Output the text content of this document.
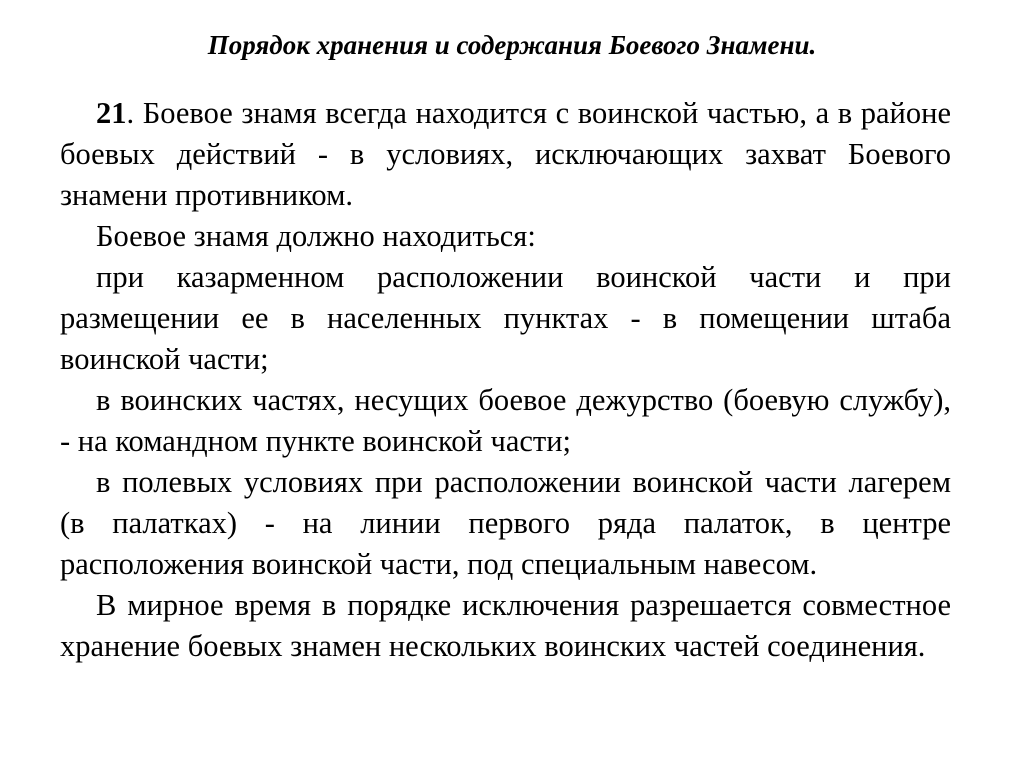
Порядок хранения и содержания Боевого Знамени.

21. Боевое знамя всегда находится с воинской частью, а в районе боевых действий - в условиях, исключающих захват Боевого знамени противником.

Боевое знамя должно находиться:

при казарменном расположении воинской части и при размещении ее в населенных пунктах - в помещении штаба воинской части;

в воинских частях, несущих боевое дежурство (боевую службу), - на командном пункте воинской части;

в полевых условиях при расположении воинской части лагерем (в палатках) - на линии первого ряда палаток, в центре расположения воинской части, под специальным навесом.

В мирное время в порядке исключения разрешается совместное хранение боевых знамен нескольких воинских частей соединения.
